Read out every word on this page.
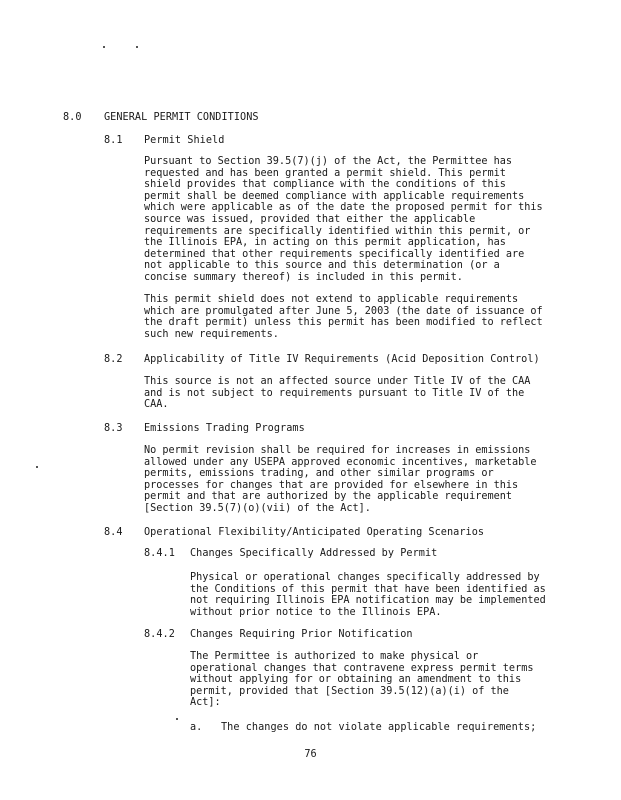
8.0 GENERAL PERMIT CONDITIONS
8.1 Permit Shield
Pursuant to Section 39.5(7)(j) of the Act, the Permittee has
requested and has been granted a permit shield. This permit
shield provides that compliance with the conditions of this
permit shall be deemed compliance with applicable requirements
which were applicable as of the date the proposed permit for this
source was issued, provided that either the applicable
requirements are specifically identified within this permit, or
the Illinois EPA, in acting on this permit application, has
determined that other requirements specifically identified are
not applicable to this source and this determination (or a
concise summary thereof) is included in this permit.
This permit shield does not extend to applicable requirements
which are promulgated after June 5, 2003 (the date of issuance of
the draft permit) unless this permit has been modified to reflect
such new requirements.
8.2 Applicability of Title IV Requirements (Acid Deposition Control)
This source is not an affected source under Title IV of the CAA
and is not subject to requirements pursuant to Title IV of the
CAA.
8.3 Emissions Trading Programs
No permit revision shall be required for increases in emissions
allowed under any USEPA approved economic incentives, marketable
permits, emissions trading, and other similar programs or
processes for changes that are provided for elsewhere in this
permit and that are authorized by the applicable requirement
[Section 39.5(7)(o)(vii) of the Act].
8.4 Operational Flexibility/Anticipated Operating Scenarios
8.4.1 Changes Specifically Addressed by Permit
Physical or operational changes specifically addressed by
the Conditions of this permit that have been identified as
not requiring Illinois EPA notification may be implemented
without prior notice to the Illinois EPA.
8.4.2 Changes Requiring Prior Notification
The Permittee is authorized to make physical or
operational changes that contravene express permit terms
without applying for or obtaining an amendment to this
permit, provided that [Section 39.5(12)(a)(i) of the
Act]:
a. The changes do not violate applicable requirements;
76
